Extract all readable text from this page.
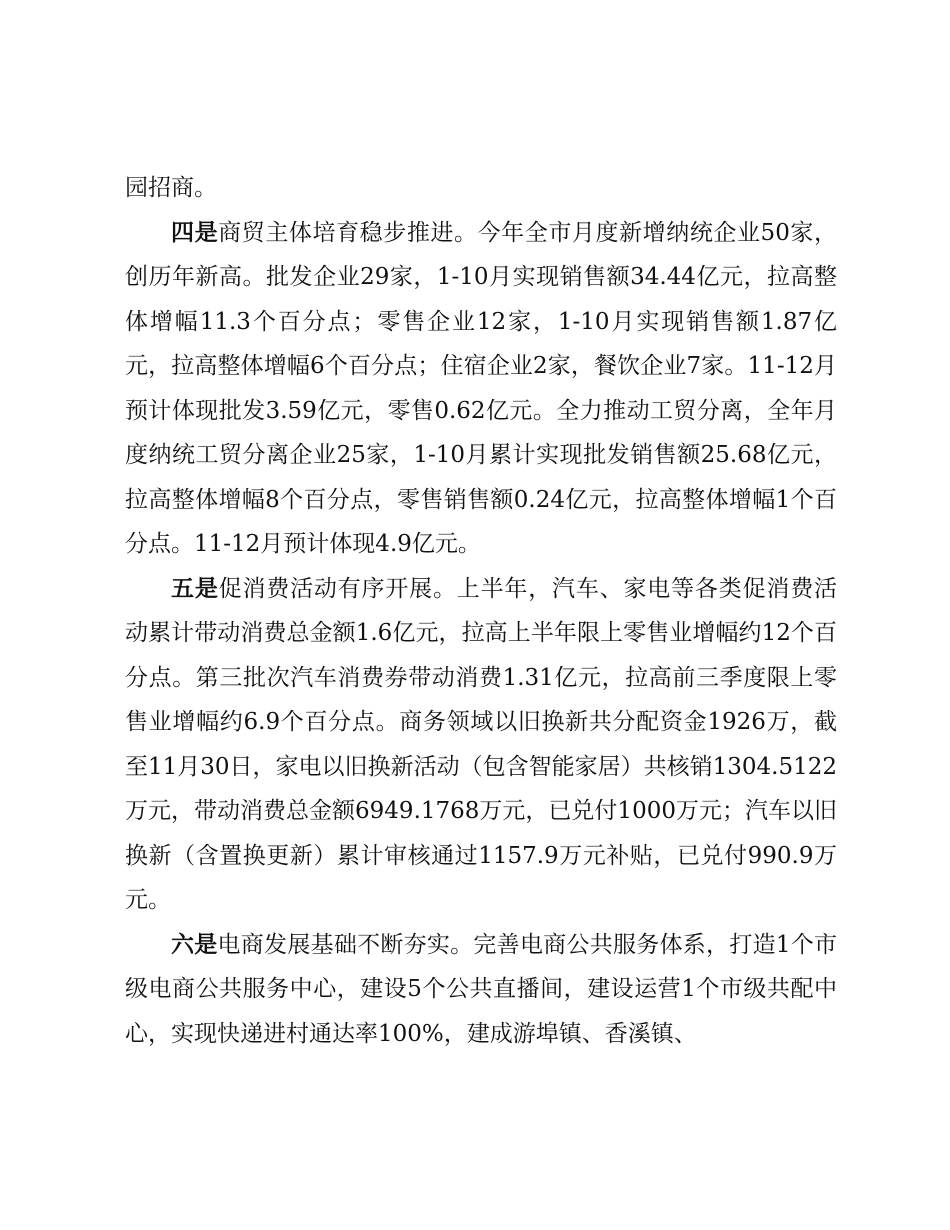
园招商。

四是商贸主体培育稳步推进。今年全市月度新增纳统企业50家，创历年新高。批发企业29家，1-10月实现销售额34.44亿元，拉高整体增幅11.3个百分点；零售企业12家，1-10月实现销售额1.87亿元，拉高整体增幅6个百分点；住宿企业2家，餐饮企业7家。11-12月预计体现批发3.59亿元，零售0.62亿元。全力推动工贸分离，全年月度纳统工贸分离企业25家，1-10月累计实现批发销售额25.68亿元，拉高整体增幅8个百分点，零售销售额0.24亿元，拉高整体增幅1个百分点。11-12月预计体现4.9亿元。

五是促消费活动有序开展。上半年，汽车、家电等各类促消费活动累计带动消费总金额1.6亿元，拉高上半年限上零售业增幅约12个百分点。第三批次汽车消费券带动消费1.31亿元，拉高前三季度限上零售业增幅约6.9个百分点。商务领域以旧换新共分配资金1926万，截至11月30日，家电以旧换新活动（包含智能家居）共核销1304.5122万元，带动消费总金额6949.1768万元，已兑付1000万元；汽车以旧换新（含置换更新）累计审核通过1157.9万元补贴，已兑付990.9万元。

六是电商发展基础不断夯实。完善电商公共服务体系，打造1个市级电商公共服务中心，建设5个公共直播间，建设运营1个市级共配中心，实现快递进村通达率100%，建成游埠镇、香溪镇、
